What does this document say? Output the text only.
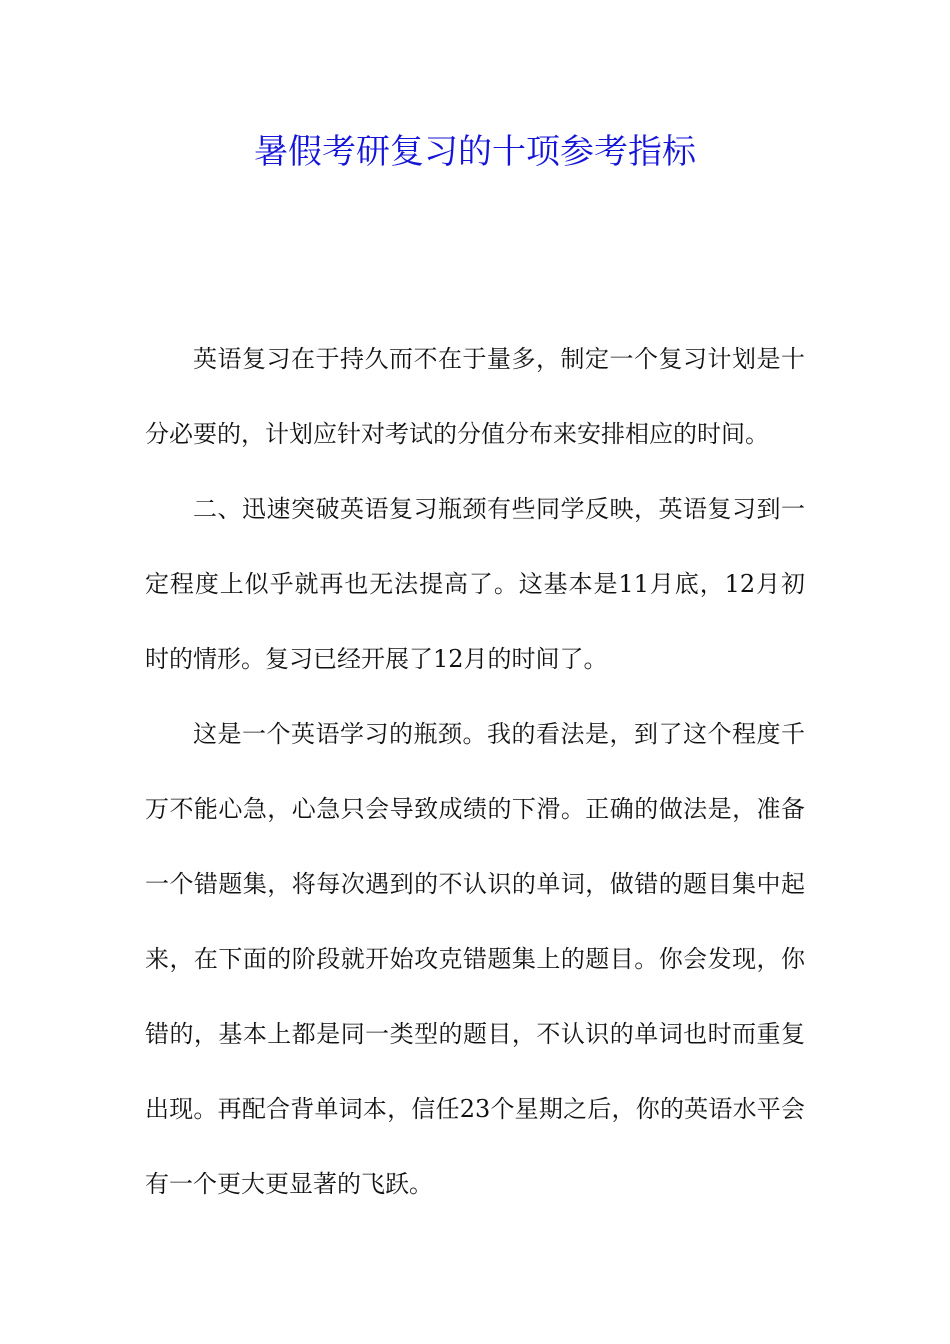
暑假考研复习的十项参考指标

英语复习在于持久而不在于量多，制定一个复习计划是十分必要的，计划应针对考试的分值分布来安排相应的时间。

二、迅速突破英语复习瓶颈有些同学反映，英语复习到一定程度上似乎就再也无法提高了。这基本是11月底，12月初时的情形。复习已经开展了12月的时间了。

这是一个英语学习的瓶颈。我的看法是，到了这个程度千万不能心急，心急只会导致成绩的下滑。正确的做法是，准备一个错题集，将每次遇到的不认识的单词，做错的题目集中起来，在下面的阶段就开始攻克错题集上的题目。你会发现，你错的，基本上都是同一类型的题目，不认识的单词也时而重复出现。再配合背单词本，信任23个星期之后，你的英语水平会有一个更大更显著的飞跃。
